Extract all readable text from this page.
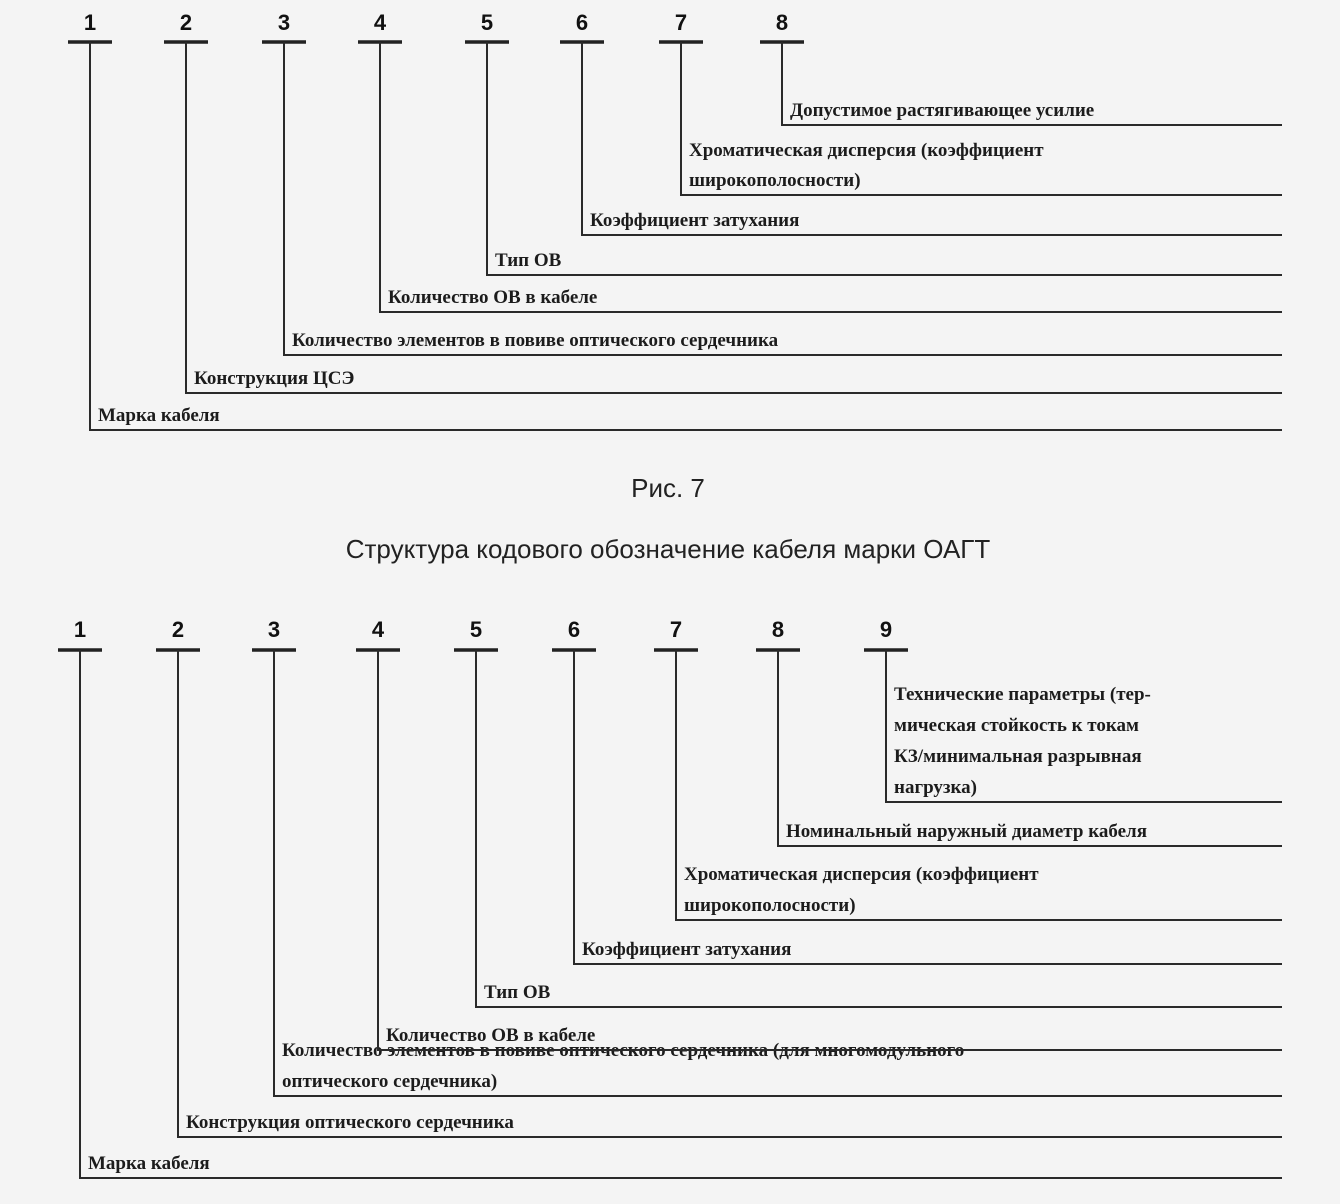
1
Марка кабеля
2
Конструкция ЦСЭ
3
Количество элементов в повиве оптического сердечника
4
Количество ОВ в кабеле
5
Тип ОВ
6
Коэффициент затухания
7
Хроматическая дисперсия (коэффициент
широкополосности)
8
Допустимое растягивающее усилие
Рис. 7
Структура кодового обозначение кабеля марки ОАГТ
1
Марка кабеля
2
Конструкция оптического сердечника
3
Количество элементов в повиве оптического сердечника (для многомодульного
оптического сердечника)
4
Количество ОВ в кабеле
5
Тип ОВ
6
Коэффициент затухания
7
Хроматическая дисперсия (коэффициент
широкополосности)
8
Номинальный наружный диаметр кабеля
9
Технические параметры (тер-
мическая стойкость к токам
КЗ/минимальная разрывная
нагрузка)
